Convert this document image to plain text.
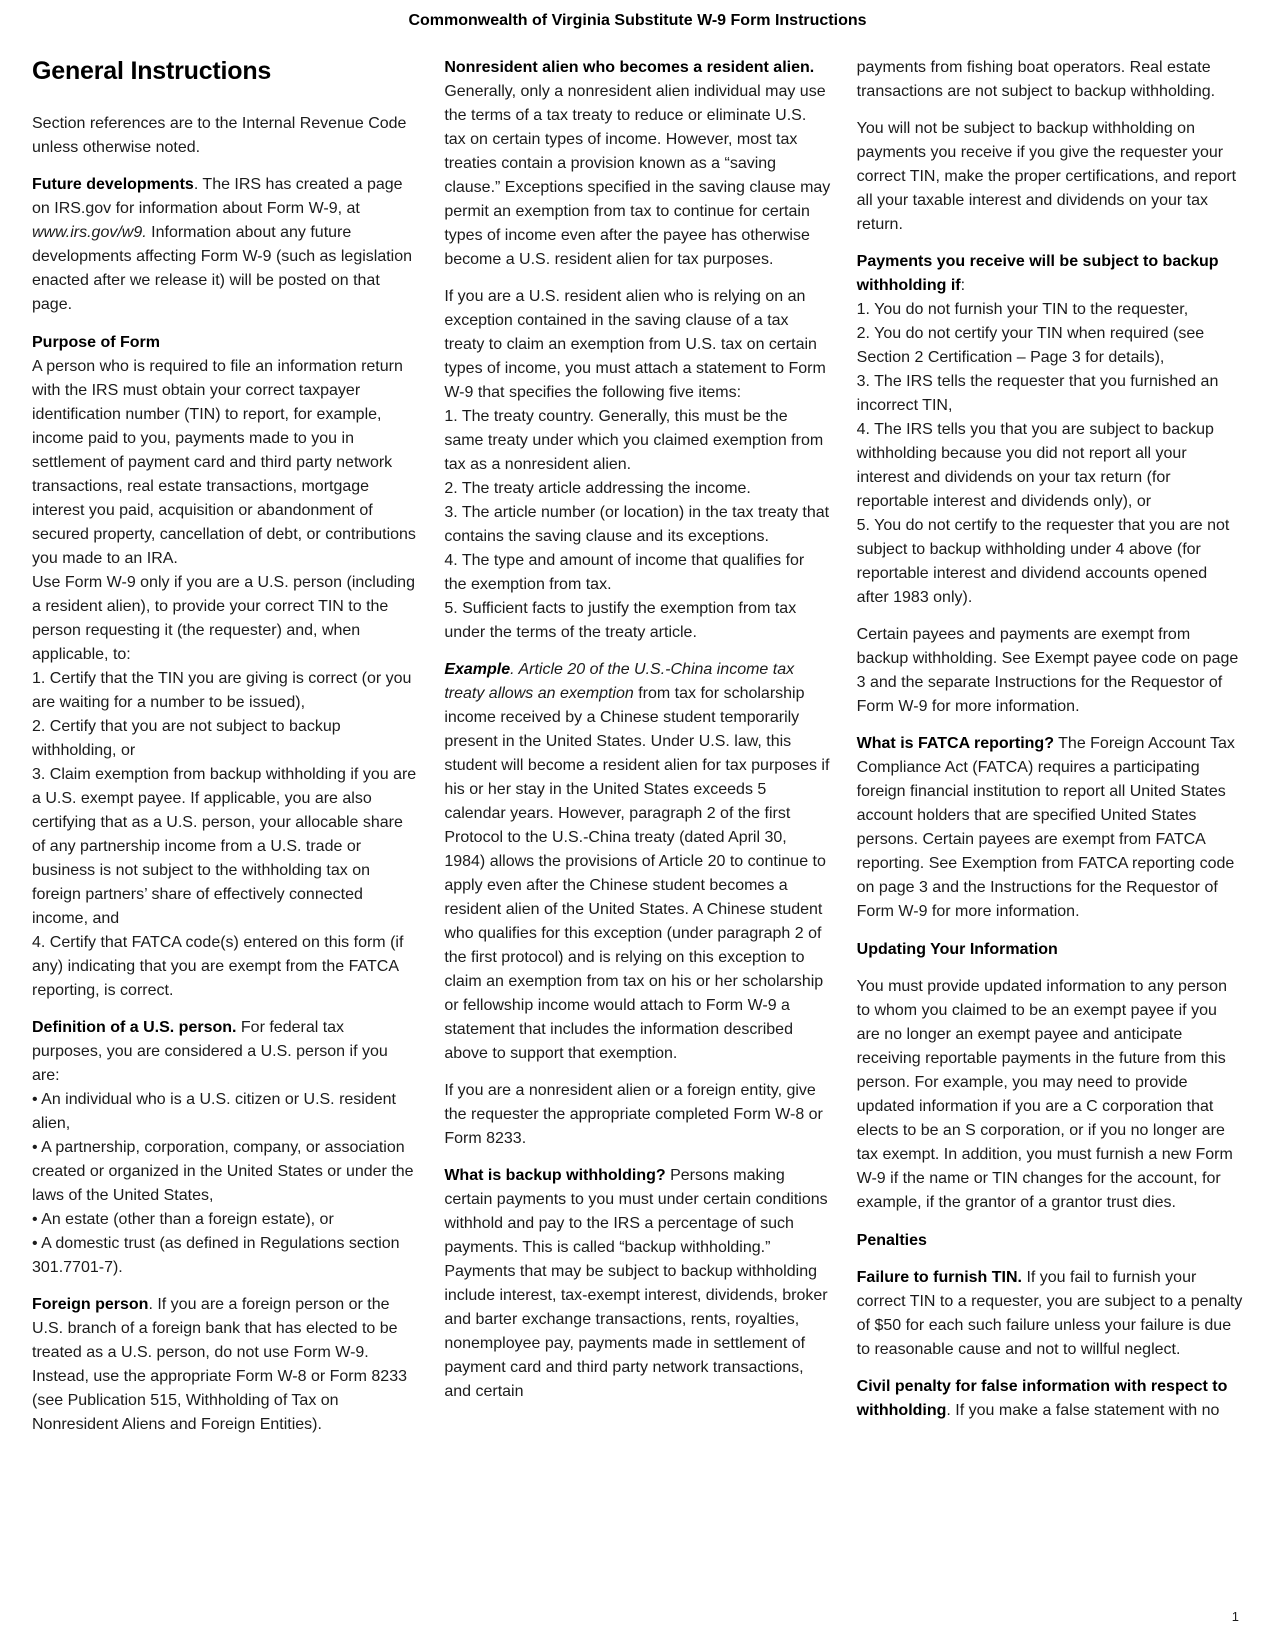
Commonwealth of Virginia Substitute W-9 Form Instructions

General Instructions

Section references are to the Internal Revenue Code unless otherwise noted.

Future developments. The IRS has created a page on IRS.gov for information about Form W-9, at www.irs.gov/w9. Information about any future developments affecting Form W-9 (such as legislation enacted after we release it) will be posted on that page.

Purpose of Form

A person who is required to file an information return with the IRS must obtain your correct taxpayer identification number (TIN) to report, for example, income paid to you, payments made to you in settlement of payment card and third party network transactions, real estate transactions, mortgage interest you paid, acquisition or abandonment of secured property, cancellation of debt, or contributions you made to an IRA.

Use Form W-9 only if you are a U.S. person (including a resident alien), to provide your correct TIN to the person requesting it (the requester) and, when applicable, to:

1. Certify that the TIN you are giving is correct (or you are waiting for a number to be issued),

2. Certify that you are not subject to backup withholding, or

3. Claim exemption from backup withholding if you are a U.S. exempt payee. If applicable, you are also certifying that as a U.S. person, your allocable share of any partnership income from a U.S. trade or business is not subject to the withholding tax on foreign partners’ share of effectively connected income, and

4. Certify that FATCA code(s) entered on this form (if any) indicating that you are exempt from the FATCA reporting, is correct.

Definition of a U.S. person. For federal tax purposes, you are considered a U.S. person if you are:

• An individual who is a U.S. citizen or U.S. resident alien,

• A partnership, corporation, company, or association created or organized in the United States or under the laws of the United States,

• An estate (other than a foreign estate), or

• A domestic trust (as defined in Regulations section 301.7701-7).

Foreign person. If you are a foreign person or the U.S. branch of a foreign bank that has elected to be treated as a U.S. person, do not use Form W-9. Instead, use the appropriate Form W-8 or Form 8233 (see Publication 515, Withholding of Tax on Nonresident Aliens and Foreign Entities).

Nonresident alien who becomes a resident alien. Generally, only a nonresident alien individual may use the terms of a tax treaty to reduce or eliminate U.S. tax on certain types of income. However, most tax treaties contain a provision known as a “saving clause.” Exceptions specified in the saving clause may permit an exemption from tax to continue for certain types of income even after the payee has otherwise become a U.S. resident alien for tax purposes.

If you are a U.S. resident alien who is relying on an exception contained in the saving clause of a tax treaty to claim an exemption from U.S. tax on certain types of income, you must attach a statement to Form W-9 that specifies the following five items:

1. The treaty country. Generally, this must be the same treaty under which you claimed exemption from tax as a nonresident alien.

2. The treaty article addressing the income.

3. The article number (or location) in the tax treaty that contains the saving clause and its exceptions.

4. The type and amount of income that qualifies for the exemption from tax.

5. Sufficient facts to justify the exemption from tax under the terms of the treaty article.

Example. Article 20 of the U.S.-China income tax treaty allows an exemption from tax for scholarship income received by a Chinese student temporarily present in the United States. Under U.S. law, this student will become a resident alien for tax purposes if his or her stay in the United States exceeds 5 calendar years. However, paragraph 2 of the first Protocol to the U.S.-China treaty (dated April 30, 1984) allows the provisions of Article 20 to continue to apply even after the Chinese student becomes a resident alien of the United States. A Chinese student who qualifies for this exception (under paragraph 2 of the first protocol) and is relying on this exception to claim an exemption from tax on his or her scholarship or fellowship income would attach to Form W-9 a statement that includes the information described above to support that exemption.

If you are a nonresident alien or a foreign entity, give the requester the appropriate completed Form W-8 or Form 8233.

What is backup withholding? Persons making certain payments to you must under certain conditions withhold and pay to the IRS a percentage of such payments. This is called “backup withholding.” Payments that may be subject to backup withholding include interest, tax-exempt interest, dividends, broker and barter exchange transactions, rents, royalties, nonemployee pay, payments made in settlement of payment card and third party network transactions, and certain

payments from fishing boat operators. Real estate transactions are not subject to backup withholding.

You will not be subject to backup withholding on payments you receive if you give the requester your correct TIN, make the proper certifications, and report all your taxable interest and dividends on your tax return.

Payments you receive will be subject to backup withholding if:

1. You do not furnish your TIN to the requester,

2. You do not certify your TIN when required (see Section 2 Certification – Page 3 for details),

3. The IRS tells the requester that you furnished an incorrect TIN,

4. The IRS tells you that you are subject to backup withholding because you did not report all your interest and dividends on your tax return (for reportable interest and dividends only), or

5. You do not certify to the requester that you are not subject to backup withholding under 4 above (for reportable interest and dividend accounts opened after 1983 only).

Certain payees and payments are exempt from backup withholding. See Exempt payee code on page 3 and the separate Instructions for the Requestor of Form W-9 for more information.

What is FATCA reporting? The Foreign Account Tax Compliance Act (FATCA) requires a participating foreign financial institution to report all United States account holders that are specified United States persons. Certain payees are exempt from FATCA reporting. See Exemption from FATCA reporting code on page 3 and the Instructions for the Requestor of Form W-9 for more information.

Updating Your Information

You must provide updated information to any person to whom you claimed to be an exempt payee if you are no longer an exempt payee and anticipate receiving reportable payments in the future from this person. For example, you may need to provide updated information if you are a C corporation that elects to be an S corporation, or if you no longer are tax exempt. In addition, you must furnish a new Form W-9 if the name or TIN changes for the account, for example, if the grantor of a grantor trust dies.

Penalties

Failure to furnish TIN. If you fail to furnish your correct TIN to a requester, you are subject to a penalty of $50 for each such failure unless your failure is due to reasonable cause and not to willful neglect.

Civil penalty for false information with respect to withholding. If you make a false statement with no

1
